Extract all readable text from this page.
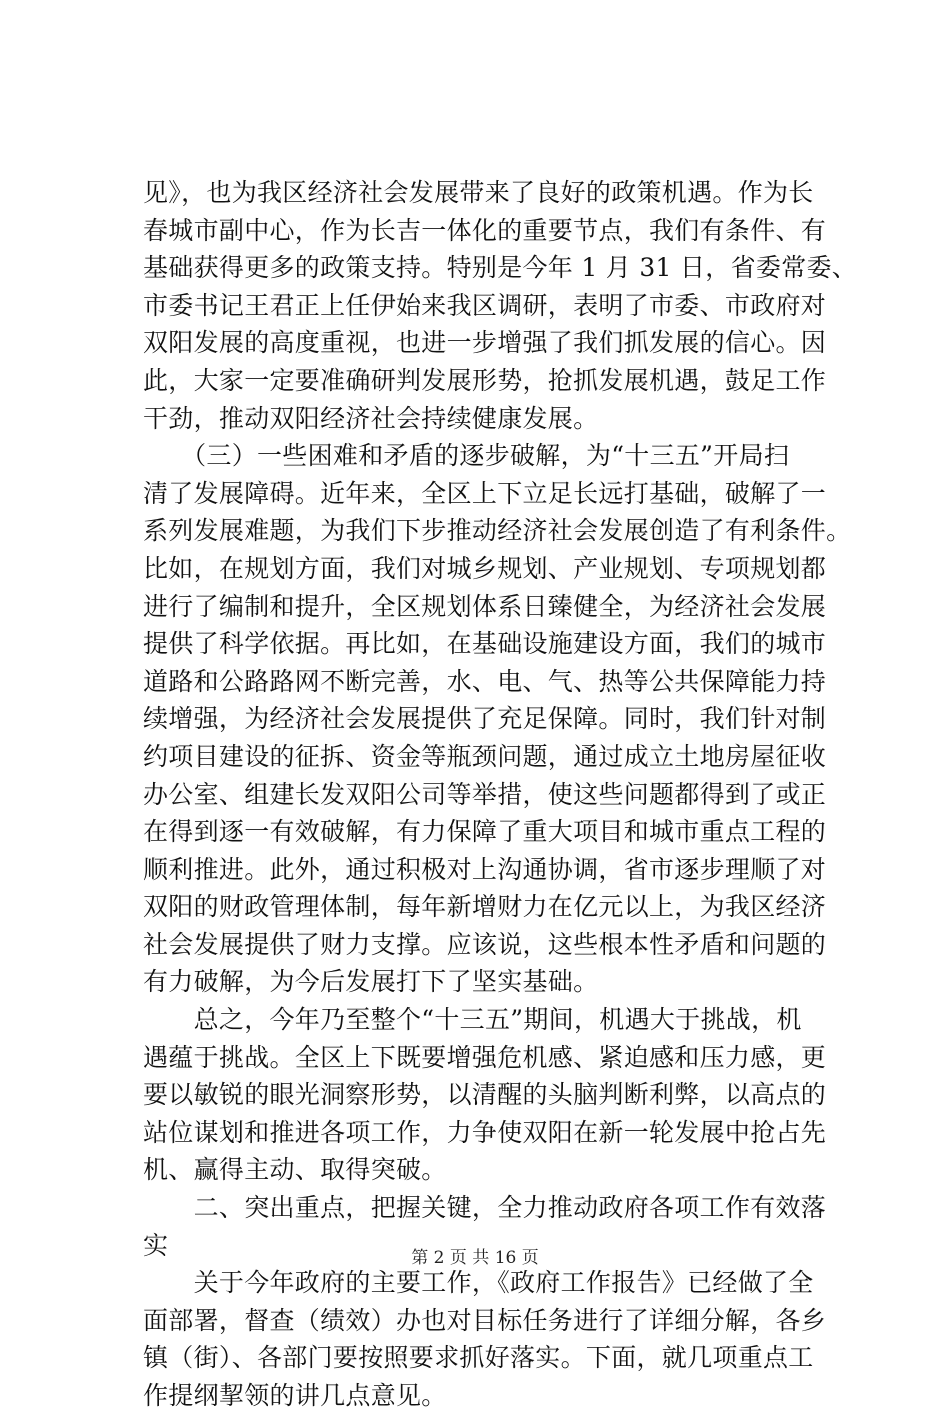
见》，也为我区经济社会发展带来了良好的政策机遇。作为长
春城市副中心，作为长吉一体化的重要节点，我们有条件、有
基础获得更多的政策支持。特别是今年 1 月 31 日，省委常委、
市委书记王君正上任伊始来我区调研，表明了市委、市政府对
双阳发展的高度重视，也进一步增强了我们抓发展的信心。因
此，大家一定要准确研判发展形势，抢抓发展机遇，鼓足工作
干劲，推动双阳经济社会持续健康发展。
　　（三）一些困难和矛盾的逐步破解，为“十三五”开局扫
清了发展障碍。近年来，全区上下立足长远打基础，破解了一
系列发展难题，为我们下步推动经济社会发展创造了有利条件。
比如，在规划方面，我们对城乡规划、产业规划、专项规划都
进行了编制和提升，全区规划体系日臻健全，为经济社会发展
提供了科学依据。再比如，在基础设施建设方面，我们的城市
道路和公路路网不断完善，水、电、气、热等公共保障能力持
续增强，为经济社会发展提供了充足保障。同时，我们针对制
约项目建设的征拆、资金等瓶颈问题，通过成立土地房屋征收
办公室、组建长发双阳公司等举措，使这些问题都得到了或正
在得到逐一有效破解，有力保障了重大项目和城市重点工程的
顺利推进。此外，通过积极对上沟通协调，省市逐步理顺了对
双阳的财政管理体制，每年新增财力在亿元以上，为我区经济
社会发展提供了财力支撑。应该说，这些根本性矛盾和问题的
有力破解，为今后发展打下了坚实基础。
　　总之，今年乃至整个“十三五”期间，机遇大于挑战，机
遇蕴于挑战。全区上下既要增强危机感、紧迫感和压力感，更
要以敏锐的眼光洞察形势，以清醒的头脑判断利弊，以高点的
站位谋划和推进各项工作，力争使双阳在新一轮发展中抢占先
机、赢得主动、取得突破。
　　二、突出重点，把握关键，全力推动政府各项工作有效落
实
　　关于今年政府的主要工作，《政府工作报告》已经做了全
面部署，督查（绩效）办也对目标任务进行了详细分解，各乡
镇（街）、各部门要按照要求抓好落实。下面，就几项重点工
作提纲挈领的讲几点意见。
第 2 页 共 16 页
